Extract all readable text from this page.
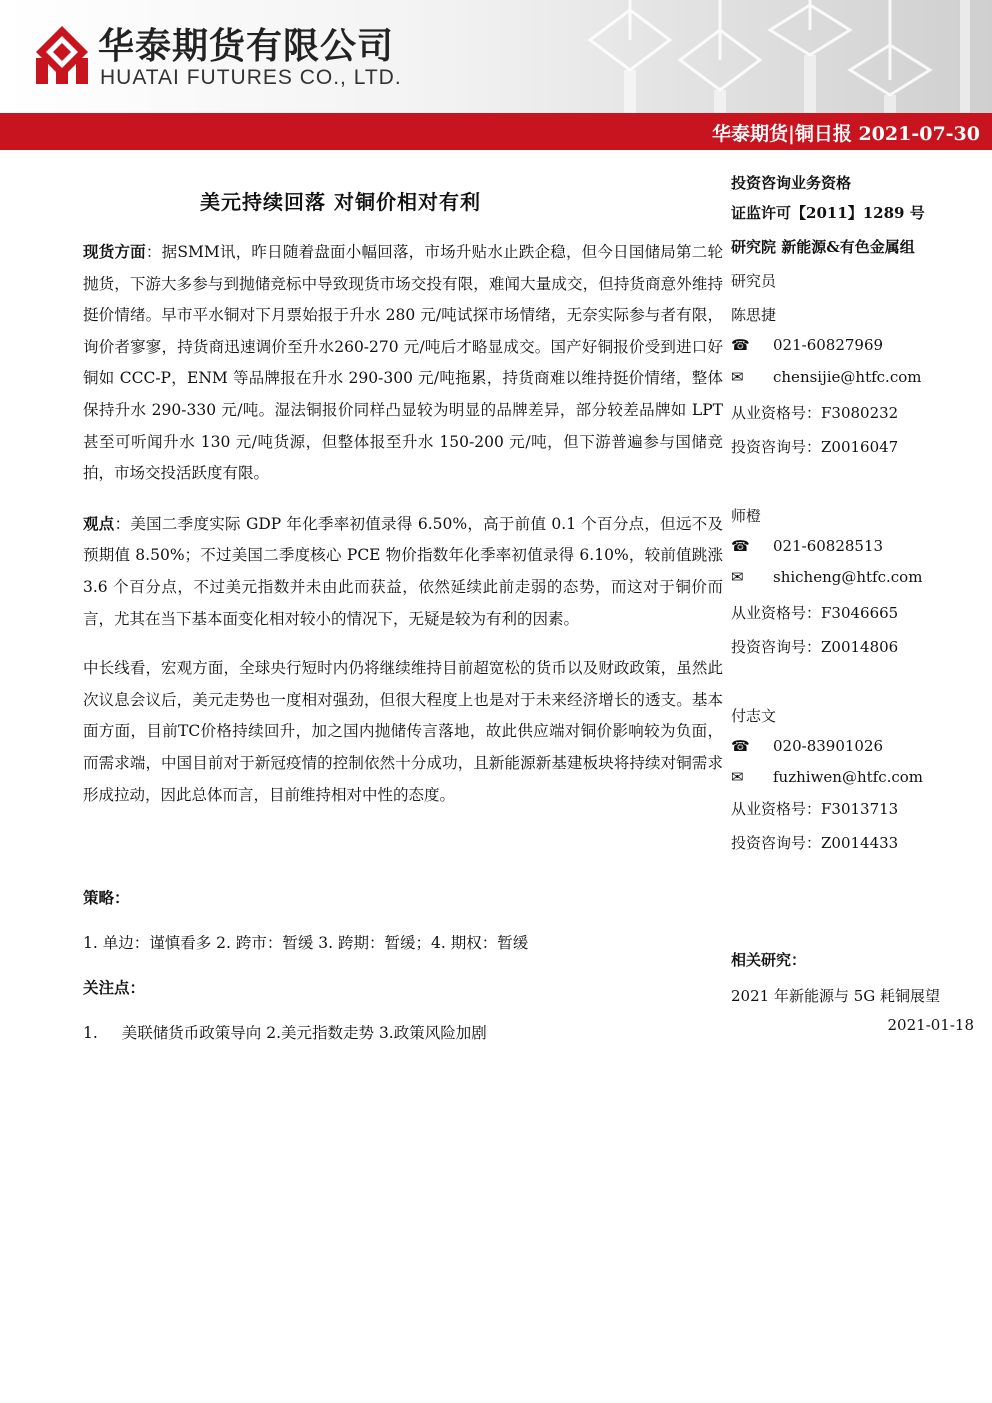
华泰期货有限公司
HUATAI FUTURES CO., LTD.
华泰期货|铜日报 2021-07-30
美元持续回落 对铜价相对有利

现货方面：据SMM讯，昨日随着盘面小幅回落，市场升贴水止跌企稳，但今日国储局第二轮抛货，下游大多参与到抛储竞标中导致现货市场交投有限，难闻大量成交，但持货商意外维持挺价情绪。早市平水铜对下月票始报于升水 280 元/吨试探市场情绪，无奈实际参与者有限，询价者寥寥，持货商迅速调价至升水260-270 元/吨后才略显成交。国产好铜报价受到进口好铜如 CCC-P，ENM 等品牌报在升水 290-300 元/吨拖累，持货商难以维持挺价情绪，整体保持升水 290-330 元/吨。湿法铜报价同样凸显较为明显的品牌差异，部分较差品牌如 LPT 甚至可听闻升水 130 元/吨货源，但整体报至升水 150-200 元/吨，但下游普遍参与国储竞拍，市场交投活跃度有限。

观点：美国二季度实际 GDP 年化季率初值录得 6.50%，高于前值 0.1 个百分点，但远不及预期值 8.50%；不过美国二季度核心 PCE 物价指数年化季率初值录得 6.10%，较前值跳涨 3.6 个百分点，不过美元指数并未由此而获益，依然延续此前走弱的态势，而这对于铜价而言，尤其在当下基本面变化相对较小的情况下，无疑是较为有利的因素。

中长线看，宏观方面，全球央行短时内仍将继续维持目前超宽松的货币以及财政政策，虽然此次议息会议后，美元走势也一度相对强劲，但很大程度上也是对于未来经济增长的透支。基本面方面，目前TC价格持续回升，加之国内抛储传言落地，故此供应端对铜价影响较为负面，而需求端，中国目前对于新冠疫情的控制依然十分成功，且新能源新基建板块将持续对铜需求形成拉动，因此总体而言，目前维持相对中性的态度。

策略：
1. 单边：谨慎看多 2. 跨市：暂缓 3. 跨期：暂缓；4. 期权：暂缓
关注点：
1. 美联储货币政策导向 2.美元指数走势 3.政策风险加剧
投资咨询业务资格
证监许可【2011】1289 号
研究院 新能源&有色金属组
研究员
陈思捷
☎ 021-60827969
✉ chensijie@htfc.com
从业资格号：F3080232
投资咨询号：Z0016047
师橙
☎ 021-60828513
✉ shicheng@htfc.com
从业资格号：F3046665
投资咨询号：Z0014806
付志文
☎ 020-83901026
✉ fuzhiwen@htfc.com
从业资格号：F3013713
投资咨询号：Z0014433
相关研究：
2021 年新能源与 5G 耗铜展望
2021-01-18
